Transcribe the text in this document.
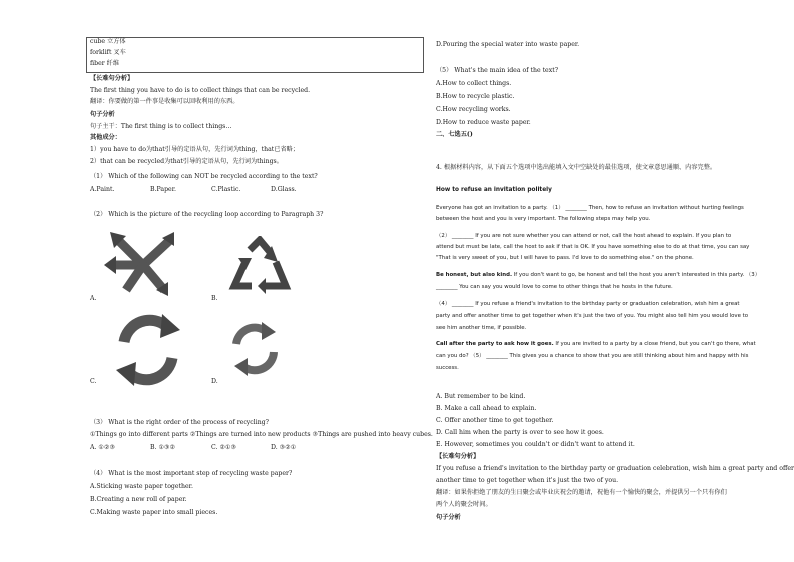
cube 立方体
forklift 叉车
fiber 纤维
【长难句分析】
The first thing you have to do is to collect things that can be recycled.
翻译：你要做的第一件事是收集可以回收利用的东西。
句子分析
句子主干：The first thing is to collect things…
其他成分：
1）you have to do为that引导的定语从句，先行词为thing，that已省略；
2）that can be recycled为that引导的定语从句，先行词为things。
（1） Which of the following can NOT be recycled according to the text?
A.Paint.	B.Paper.	C.Plastic.	D.Glass.
（2） Which is the picture of the recycling loop according to Paragraph 3?
A.	B.
C.	D.
（3） What is the right order of the process of recycling?
①Things go into different parts ②Things are turned into new products ③Things are pushed into heavy cubes.
A. ①②③	B. ①③②	C. ②①③	D. ③②①
（4） What is the most important step of recycling waste paper?
A.Sticking waste paper together.
B.Creating a new roll of paper.
C.Making waste paper into small pieces.
D.Pouring the special water into waste paper.
（5） What's the main idea of the text?
A.How to collect things.
B.How to recycle plastic.
C.How recycling works.
D.How to reduce waste paper.
二、七选五()
4. 根据材料内容，从下面五个选项中选出能填入文中空缺处的最佳选项，使文章意思通顺、内容完整。
How to refuse an invitation politely
Everyone has got an invitation to a party. （1） ________ Then, how to refuse an invitation without hurting feelings
between the host and you is very important. The following steps may help you.
（2） ________ If you are not sure whether you can attend or not, call the host ahead to explain. If you plan to
attend but must be late, call the host to ask if that is OK. If you have something else to do at that time, you can say
"That is very sweet of you, but I will have to pass. I'd love to do something else." on the phone.
Be honest, but also kind. If you don't want to go, be honest and tell the host you aren't interested in this party. （3）
________ You can say you would love to come to other things that he hosts in the future.
（4） ________ If you refuse a friend's invitation to the birthday party or graduation celebration, wish him a great
party and offer another time to get together when it's just the two of you. You might also tell him you would love to
see him another time, if possible.
Call after the party to ask how it goes. If you are invited to a party by a close friend, but you can't go there, what
can you do? （5） ________ This gives you a chance to show that you are still thinking about him and happy with his
success.
A. But remember to be kind.
B. Make a call ahead to explain.
C. Offer another time to get together.
D. Call him when the party is over to see how it goes.
E. However, sometimes you couldn't or didn't want to attend it.
【长难句分析】
If you refuse a friend's invitation to the birthday party or graduation celebration, wish him a great party and offer
another time to get together when it's just the two of you.
翻译：如果你拒绝了朋友的生日聚会或毕业庆祝会的邀请，祝他有一个愉快的聚会，并提供另一个只有你们
两个人的聚会时间。
句子分析
